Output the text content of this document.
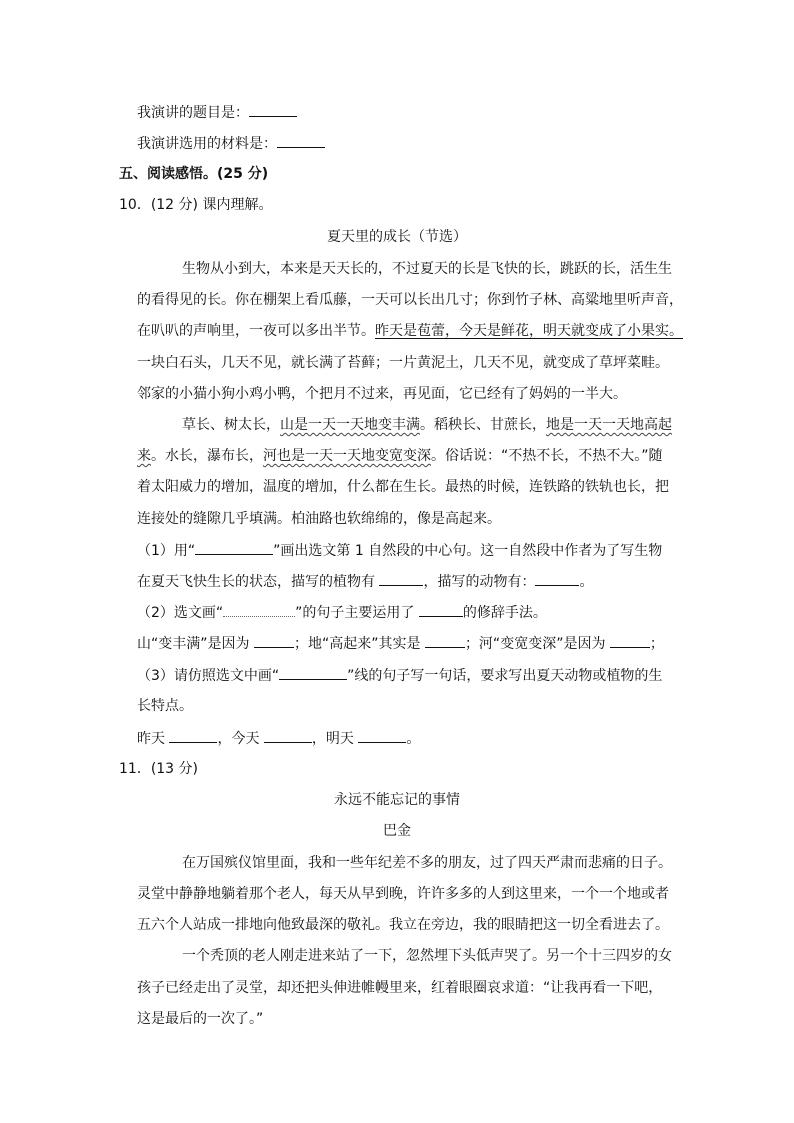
我演讲的题目是：
我演讲选用的材料是：
五、阅读感悟。(25 分)
10．(12 分) 课内理解。
夏天里的成长（节选）
生物从小到大，本来是天天长的，不过夏天的长是飞快的长，跳跃的长，活生生
的看得见的长。你在棚架上看瓜藤，一天可以长出几寸；你到竹子林、高粱地里听声音，
在叭叭的声响里，一夜可以多出半节。昨天是苞蕾，今天是鲜花，明天就变成了小果实。
一块白石头，几天不见，就长满了苔藓；一片黄泥土，几天不见，就变成了草坪菜畦。
邻家的小猫小狗小鸡小鸭，个把月不过来，再见面，它已经有了妈妈的一半大。
草长、树太长，山是一天一天地变丰满。稻秧长、甘蔗长，地是一天一天地高起
来。水长，瀑布长，河也是一天一天地变宽变深。俗话说：“不热不长，不热不大。”随
着太阳威力的增加，温度的增加，什么都在生长。最热的时候，连铁路的铁轨也长，把
连接处的缝隙几乎填满。柏油路也软绵绵的，像是高起来。
（1）用“	”画出选文第 1 自然段的中心句。这一自然段中作者为了写生物
在夏天飞快生长的状态，描写的植物有	，描写的动物有：	。
（2）选文画“	”的句子主要运用了	的修辞手法。
山“变丰满”是因为	；地“高起来”其实是	；河“变宽变深”是因为	；
（3）请仿照选文中画“	”线的句子写一句话，要求写出夏天动物或植物的生
长特点。
昨天	，今天	，明天	。
11．(13 分)
永远不能忘记的事情
巴金
在万国殡仪馆里面，我和一些年纪差不多的朋友，过了四天严肃而悲痛的日子。
灵堂中静静地躺着那个老人，每天从早到晚，许许多多的人到这里来，一个一个地或者
五六个人站成一排地向他致最深的敬礼。我立在旁边，我的眼睛把这一切全看进去了。
一个秃顶的老人刚走进来站了一下，忽然埋下头低声哭了。另一个十三四岁的女
孩子已经走出了灵堂，却还把头伸进帷幔里来，红着眼圈哀求道：“让我再看一下吧，
这是最后的一次了。”
